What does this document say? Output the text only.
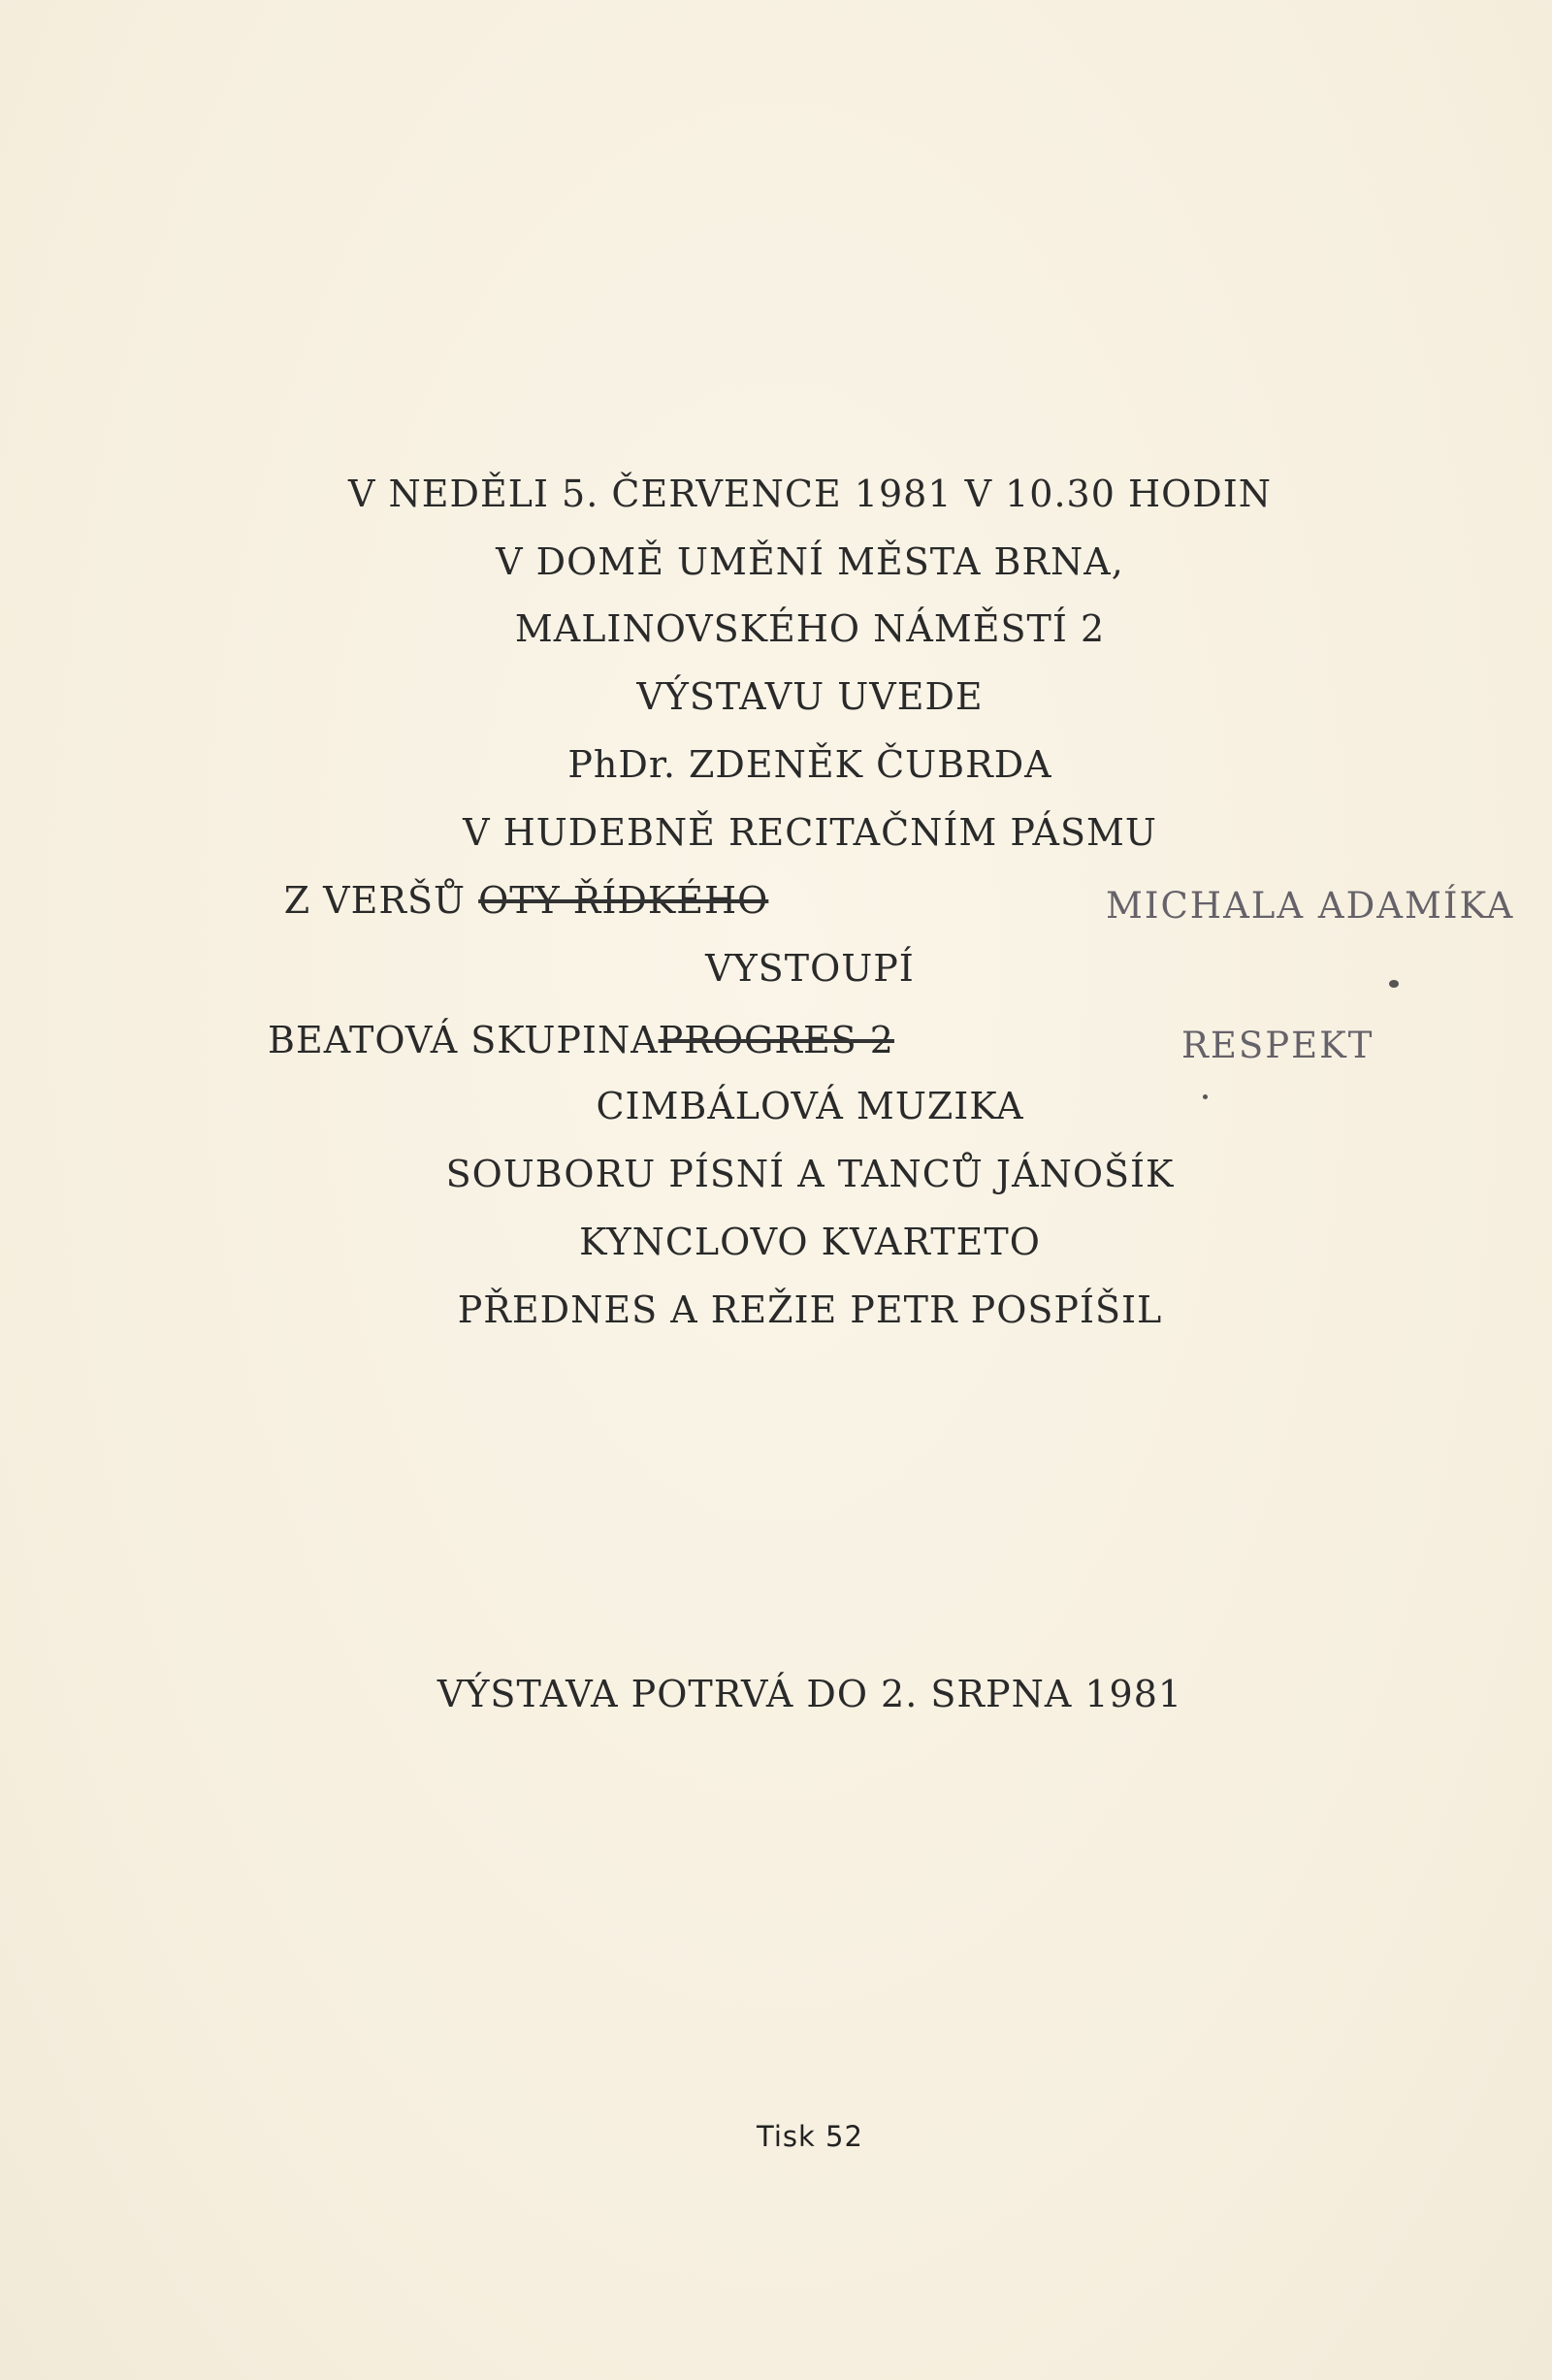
V NEDĚLI 5. ČERVENCE 1981 V 10.30 HODIN
V DOMĚ UMĚNÍ MĚSTA BRNA,
MALINOVSKÉHO NÁMĚSTÍ 2
VÝSTAVU UVEDE
PhDr. ZDENĚK ČUBRDA
V HUDEBNĚ RECITAČNÍM PÁSMU
Z VERŠŮ OTY ŘÍDKÉHO	MICHALA ADAMÍKA
VYSTOUPÍ
BEATOVÁ SKUPINAPROGRES 2	RESPEKT
CIMBÁLOVÁ MUZIKA
SOUBORU PÍSNÍ A TANCŮ JÁNOŠÍK
KYNCLOVO KVARTETO
PŘEDNES A REŽIE PETR POSPÍŠIL
VÝSTAVA POTRVÁ DO 2. SRPNA 1981
Tisk 52
